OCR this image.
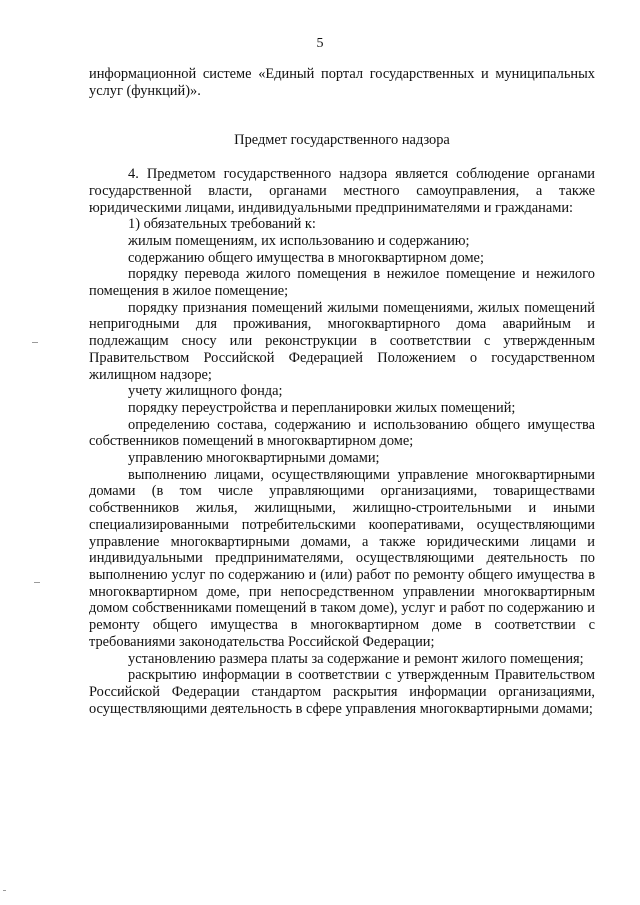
5

информационной системе «Единый портал государственных и муниципальных услуг (функций)».

Предмет государственного надзора

4. Предметом государственного надзора является соблюдение органами государственной власти, органами местного самоуправления, а также юридическими лицами, индивидуальными предпринимателями и гражданами:

1) обязательных требований к:

жилым помещениям, их использованию и содержанию;

содержанию общего имущества в многоквартирном доме;

порядку перевода жилого помещения в нежилое помещение и нежилого помещения в жилое помещение;

порядку признания помещений жилыми помещениями, жилых помещений непригодными для проживания, многоквартирного дома аварийным и подлежащим сносу или реконструкции в соответствии с утвержденным Правительством Российской Федерацией Положением о государственном жилищном надзоре;

учету жилищного фонда;

порядку переустройства и перепланировки жилых помещений;

определению состава, содержанию и использованию общего имущества собственников помещений в многоквартирном доме;

управлению многоквартирными домами;

выполнению лицами, осуществляющими управление многоквартирными домами (в том числе управляющими организациями, товариществами собственников жилья, жилищными, жилищно-строительными и иными специализированными потребительскими кооперативами, осуществляющими управление многоквартирными домами, а также юридическими лицами и индивидуальными предпринимателями, осуществляющими деятельность по выполнению услуг по содержанию и (или) работ по ремонту общего имущества в многоквартирном доме, при непосредственном управлении многоквартирным домом собственниками помещений в таком доме), услуг и работ по содержанию и ремонту общего имущества в многоквартирном доме в соответствии с требованиями законодательства Российской Федерации;

установлению размера платы за содержание и ремонт жилого помещения;

раскрытию информации в соответствии с утвержденным Правительством Российской Федерации стандартом раскрытия информации организациями, осуществляющими деятельность в сфере управления многоквартирными домами;
